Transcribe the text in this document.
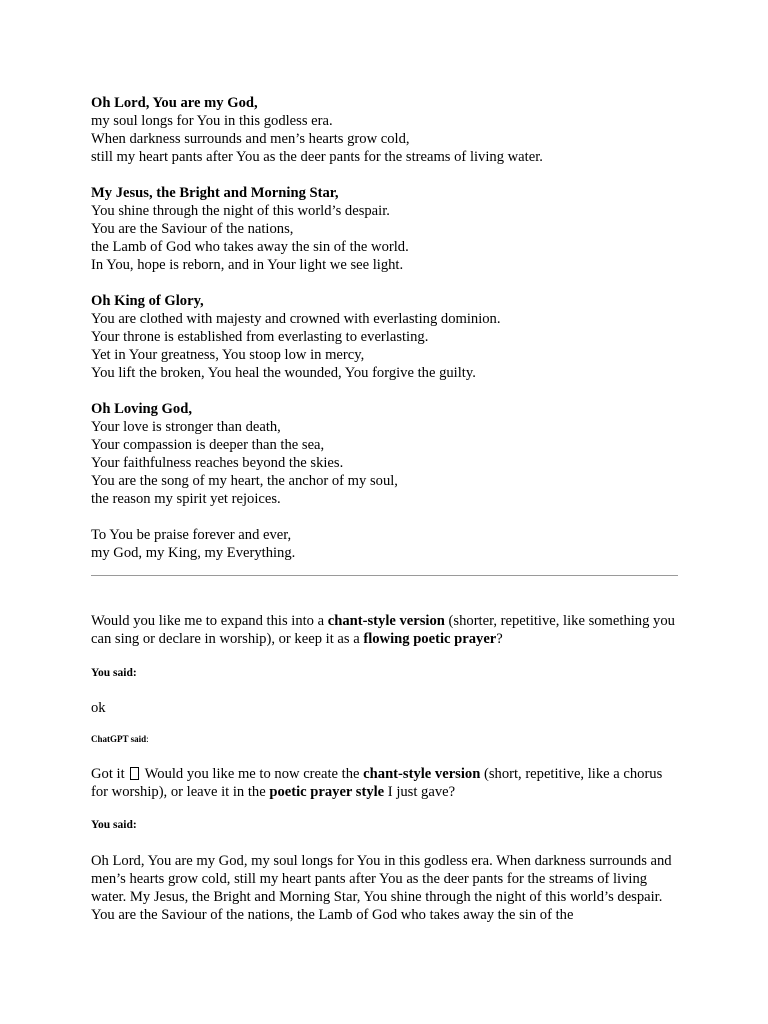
Oh Lord, You are my God,
my soul longs for You in this godless era.
When darkness surrounds and men’s hearts grow cold,
still my heart pants after You as the deer pants for the streams of living water.
My Jesus, the Bright and Morning Star,
You shine through the night of this world’s despair.
You are the Saviour of the nations,
the Lamb of God who takes away the sin of the world.
In You, hope is reborn, and in Your light we see light.
Oh King of Glory,
You are clothed with majesty and crowned with everlasting dominion.
Your throne is established from everlasting to everlasting.
Yet in Your greatness, You stoop low in mercy,
You lift the broken, You heal the wounded, You forgive the guilty.
Oh Loving God,
Your love is stronger than death,
Your compassion is deeper than the sea,
Your faithfulness reaches beyond the skies.
You are the song of my heart, the anchor of my soul,
the reason my spirit yet rejoices.
To You be praise forever and ever,
my God, my King, my Everything.

Would you like me to expand this into a chant-style version (shorter, repetitive, like something you can sing or declare in worship), or keep it as a flowing poetic prayer?

You said:

ok

ChatGPT said:

Got it  Would you like me to now create the chant-style version (short, repetitive, like a chorus for worship), or leave it in the poetic prayer style I just gave?

You said:

Oh Lord, You are my God, my soul longs for You in this godless era. When darkness surrounds and men’s hearts grow cold, still my heart pants after You as the deer pants for the streams of living water. My Jesus, the Bright and Morning Star, You shine through the night of this world’s despair. You are the Saviour of the nations, the Lamb of God who takes away the sin of the
